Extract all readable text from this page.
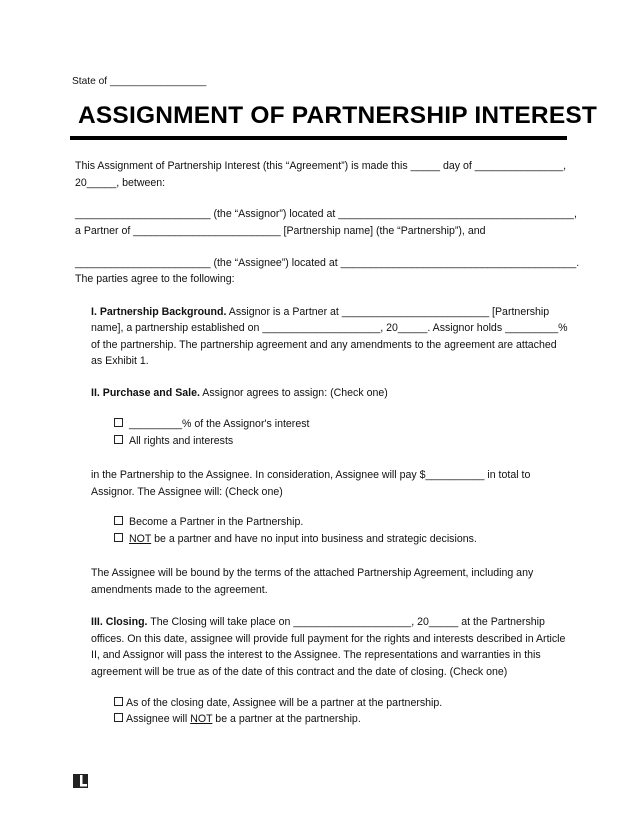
State of _________________
ASSIGNMENT OF PARTNERSHIP INTEREST
This Assignment of Partnership Interest (this “Agreement”) is made this _____ day of _______________,
20_____, between:
_______________________ (the “Assignor”) located at ________________________________________,
a Partner of _________________________ [Partnership name] (the “Partnership”), and
_______________________ (the “Assignee”) located at ________________________________________.
The parties agree to the following:
I. Partnership Background. Assignor is a Partner at _________________________ [Partnership
name], a partnership established on ____________________, 20_____. Assignor holds _________%
of the partnership. The partnership agreement and any amendments to the agreement are attached
as Exhibit 1.
II. Purchase and Sale. Assignor agrees to assign: (Check one)
_________% of the Assignor's interest
All rights and interests
in the Partnership to the Assignee. In consideration, Assignee will pay $__________ in total to
Assignor. The Assignee will: (Check one)
Become a Partner in the Partnership.
NOT be a partner and have no input into business and strategic decisions.
The Assignee will be bound by the terms of the attached Partnership Agreement, including any
amendments made to the agreement.
III. Closing. The Closing will take place on ____________________, 20_____ at the Partnership
offices. On this date, assignee will provide full payment for the rights and interests described in Article
II, and Assignor will pass the interest to the Assignee. The representations and warranties in this
agreement will be true as of the date of this contract and the date of closing. (Check one)
As of the closing date, Assignee will be a partner at the partnership.
Assignee will NOT be a partner at the partnership.
